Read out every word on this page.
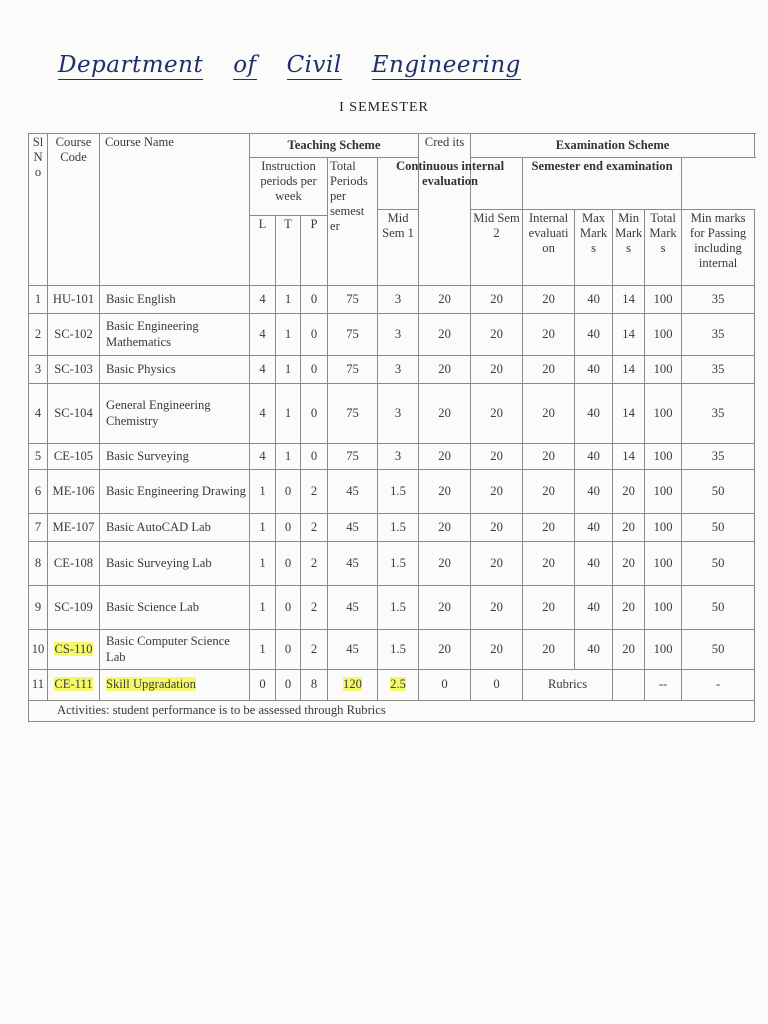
Department of Civil Engineering
I SEMESTER
Sl N o	Course Code	Course Name	Teaching Scheme					Cred its	Examination Scheme					
			Instruction periods per week			Total Periods per semest er	Continuous internal evaluation			Semester end examination				
							Mid Sem 1		Mid Sem 2	Internal evaluati on	Max Mark s	Min Mark s	Total Mark s	Min marks for Passing including internal
			L	T	P									
1	HU-101	Basic English	4	1	0	75	3	20	20	20	40	14	100	35
2	SC-102	Basic Engineering Mathematics	4	1	0	75	3	20	20	20	40	14	100	35
3	SC-103	Basic Physics	4	1	0	75	3	20	20	20	40	14	100	35
4	SC-104	General Engineering Chemistry	4	1	0	75	3	20	20	20	40	14	100	35
5	CE-105	Basic Surveying	4	1	0	75	3	20	20	20	40	14	100	35
6	ME-106	Basic Engineering Drawing	1	0	2	45	1.5	20	20	20	40	20	100	50
7	ME-107	Basic AutoCAD Lab	1	0	2	45	1.5	20	20	20	40	20	100	50
8	CE-108	Basic Surveying Lab	1	0	2	45	1.5	20	20	20	40	20	100	50
9	SC-109	Basic Science Lab	1	0	2	45	1.5	20	20	20	40	20	100	50
10	CS-110	Basic Computer Science Lab	1	0	2	45	1.5	20	20	20	40	20	100	50
11	CE-111	Skill Upgradation	0	0	8	120	2.5	0	0	Rubrics			--	-
Activities: student performance is to be assessed through Rubrics														
